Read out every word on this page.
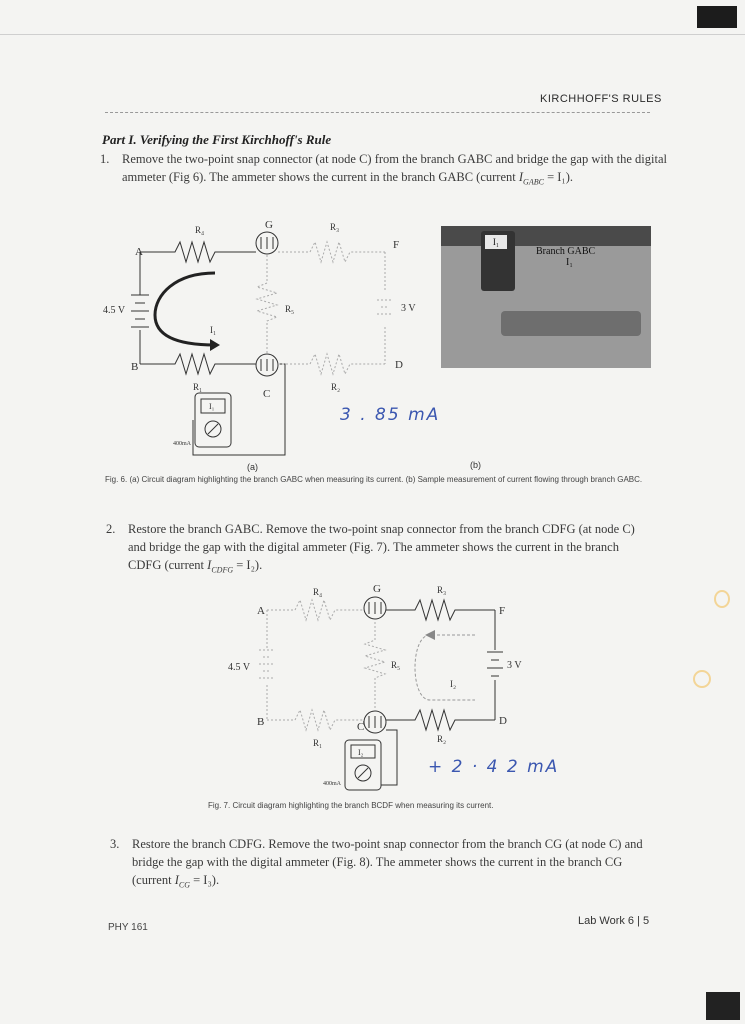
KIRCHHOFF'S RULES
Part I. Verifying the First Kirchhoff's Rule
1. Remove the two-point snap connector (at node C) from the branch GABC and bridge the gap with the digital ammeter (Fig 6). The ammeter shows the current in the branch GABC (current $I_{GABC} = I_1$).
A
B
G
C
F
D
R₄
R₁
R₃
R₂
R₅
I₁
4.5 V	3 V
400mA
I₁
I₁
Branch GABC
I₁
3 . 85 mA
(a)	(b)
Fig. 6. (a) Circuit diagram highlighting the branch GABC when measuring its current. (b) Sample measurement of current flowing through branch GABC.
2. Restore the branch GABC. Remove the two-point snap connector from the branch CDFG (at node C) and bridge the gap with the digital ammeter (Fig. 7). The ammeter shows the current in the branch CDFG (current $I_{CDFG} = I_2$).
A
B
G
C
F
D
R₄
R₁
R₃
R₂
R₅
I₂
4.5 V	3 V
400mA
I₂
+ 2 · 4 2 mA
Fig. 7. Circuit diagram highlighting the branch BCDF when measuring its current.
3. Restore the branch CDFG. Remove the two-point snap connector from the branch CG (at node C) and bridge the gap with the digital ammeter (Fig. 8). The ammeter shows the current in the branch CG (current $I_{CG} = I_3$).
PHY 161
Lab Work 6 | 5
